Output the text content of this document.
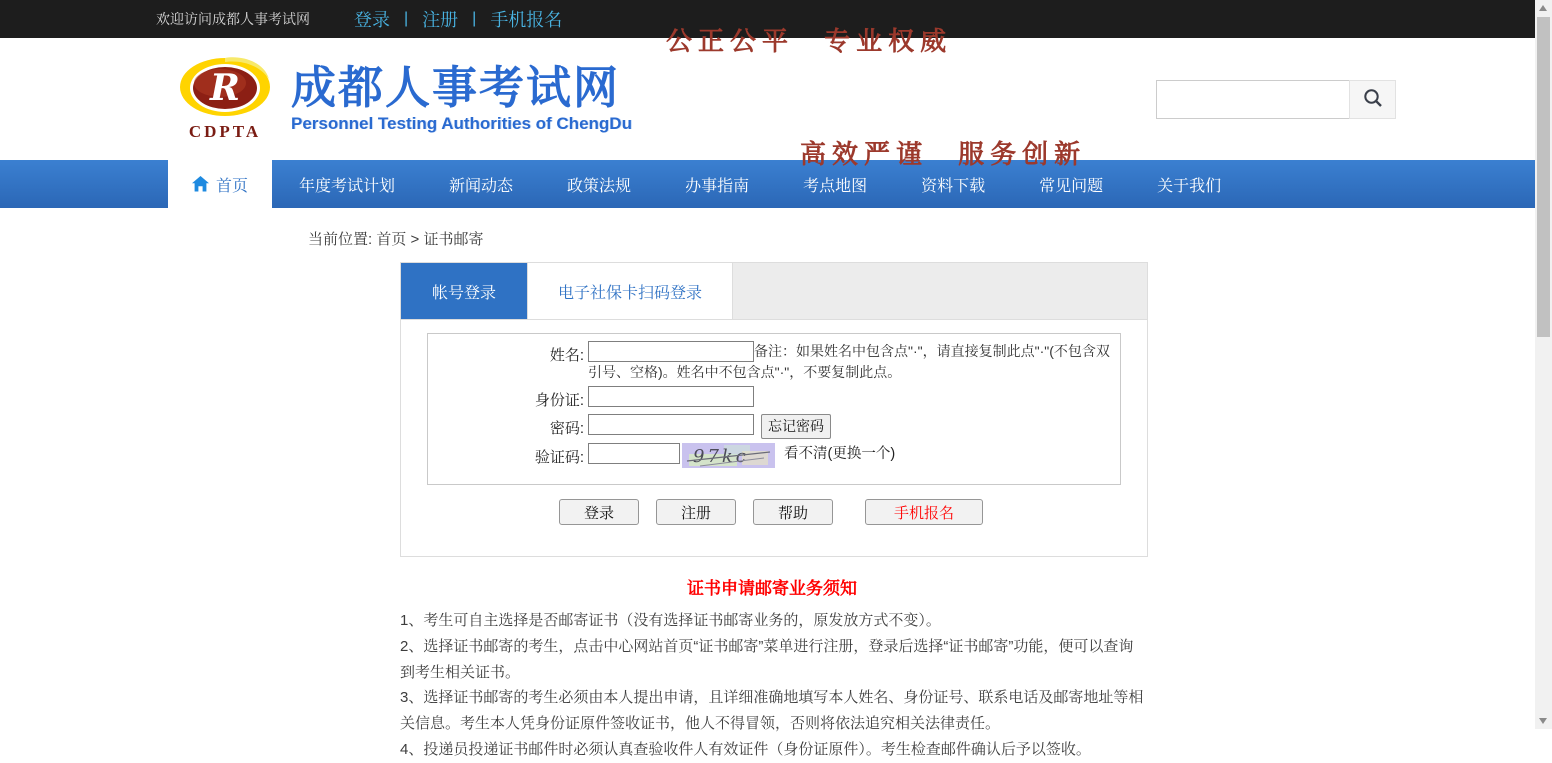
欢迎访问成都人事考试网 登录 | 注册 | 手机报名
R
CDPTA
成都人事考试网
Personnel Testing Authorities of ChengDu

公正公平  专业权威

高效严谨  服务创新

首页	年度考试计划	新闻动态	政策法规	办事指南	考点地图	资料下载	常见问题	关于我们
当前位置: 首页 > 证书邮寄
帐号登录	电子社保卡扫码登录
姓名:	备注：如果姓名中包含点"·"，请直接复制此点"·"(不包含双引号、空格)。姓名中不包含点"·"，不要复制此点。
身份证:
密码:	忘记密码
验证码:	97kc 看不清(更换一个)
登录	注册	帮助	手机报名
证书申请邮寄业务须知

1、考生可自主选择是否邮寄证书（没有选择证书邮寄业务的，原发放方式不变）。

2、选择证书邮寄的考生，点击中心网站首页“证书邮寄”菜单进行注册，登录后选择“证书邮寄”功能，便可以查询到考生相关证书。

3、选择证书邮寄的考生必须由本人提出申请，且详细准确地填写本人姓名、身份证号、联系电话及邮寄地址等相关信息。考生本人凭身份证原件签收证书，他人不得冒领，否则将依法追究相关法律责任。

4、投递员投递证书邮件时必须认真查验收件人有效证件（身份证原件）。考生检查邮件确认后予以签收。
